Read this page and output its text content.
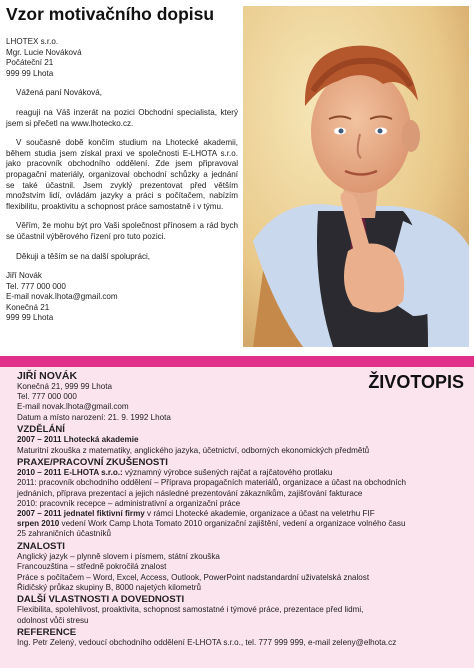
Vzor motivačního dopisu
LHOTEX s.r.o.
Mgr. Lucie Nováková
Počáteční 21
999 99 Lhota

Vážená paní Nováková,

reaguji na Váš inzerát na pozici Obchodní specialista, který jsem si přečetl na www.lhotecko.cz.

V současné době končím studium na Lhotecké akademii, během studia jsem získal praxi ve společnosti E-LHOTA s.r.o. jako pracovník obchodního oddělení. Zde jsem připravoval propagační materiály, organizoval obchodní schůzky a jednání se také účastnil. Jsem zvyklý prezentovat před větším množstvím lidí, ovládám jazyky a práci s počítačem, nabízím flexibilitu, proaktivitu a schopnost práce samostatně i v týmu.

Věřím, že mohu být pro Vaši společnost přínosem a rád bych se účastnil výběrového řízení pro tuto pozici.

Děkuji a těším se na další spolupráci,

Jiří Novák
Tel. 777 000 000
E-mail novak.lhota@gmail.com
Konečná 21
999 99 Lhota
ŽIVOTOPIS
JIŘÍ NOVÁK
Konečná 21, 999 99 Lhota
Tel. 777 000 000
E-mail novak.lhota@gmail.com
Datum a místo narození: 21. 9. 1992 Lhota
VZDĚLÁNÍ
2007 – 2011 Lhotecká akademie
Maturitní zkouška z matematiky, anglického jazyka, účetnictví, odborných ekonomických předmětů
PRAXE/PRACOVNÍ ZKUŠENOSTI
2010 – 2011 E-LHOTA s.r.o.: významný výrobce sušených rajčat a rajčatového protlaku
2011: pracovník obchodního oddělení – Příprava propagačních materiálů, organizace a účast na obchodních
jednáních, příprava prezentací a jejich následné prezentování zákazníkům, zajišťování fakturace
2010: pracovník recepce – administrativní a organizační práce
2007 – 2011 jednatel fiktivní firmy v rámci Lhotecké akademie, organizace a účast na veletrhu FIF
srpen 2010 vedení Work Camp Lhota Tomato 2010 organizační zajištění, vedení a organizace volného času
25 zahraničních účastníků
ZNALOSTI
Anglický jazyk – plynně slovem i písmem, státní zkouška
Francouzština – středně pokročilá znalost
Práce s počítačem – Word, Excel, Access, Outlook, PowerPoint nadstandardní uživatelská znalost
Řidičský průkaz skupiny B, 8000 najetých kilometrů
DALŠÍ VLASTNOSTI A DOVEDNOSTI
Flexibilita, spolehlivost, proaktivita, schopnost samostatné i týmové práce, prezentace před lidmi,
odolnost vůči stresu
REFERENCE
Ing. Petr Zelený, vedoucí obchodního oddělení E-LHOTA s.r.o., tel. 777 999 999, e-mail zeleny@elhota.cz
